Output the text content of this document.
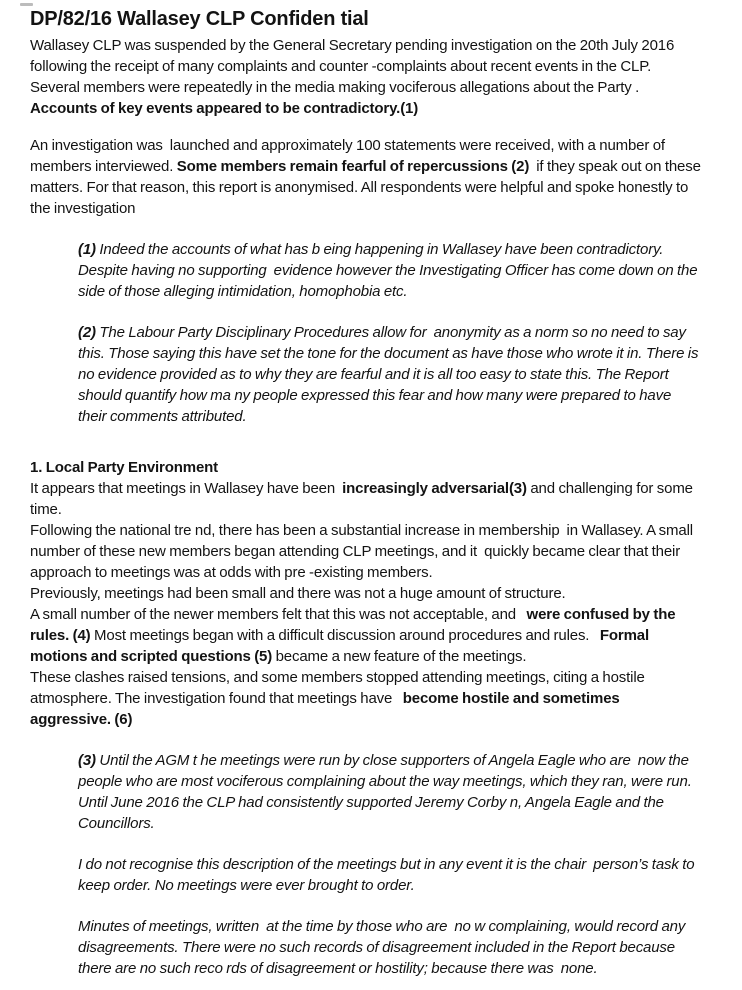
DP/82/16 Wallasey CLP Confiden tial
Wallasey CLP was suspended by the General Secretary pending investigation on the 20th July 2016 following the receipt of many complaints and counter -complaints about recent events in the CLP. Several members were repeatedly in the media making vociferous allegations about the Party .  Accounts of key events appeared to be contradictory.(1)
An investigation was  launched and approximately 100 statements were received, with a number of members interviewed. Some members remain fearful of repercussions (2)  if they speak out on these matters. For that reason, this report is anonymised. All respondents were helpful and spoke honestly to the investigation
(1) Indeed the accounts of what has b eing happening in Wallasey have been contradictory. Despite having no supporting  evidence however the Investigating Officer has come down on the side of those alleging intimidation, homophobia etc.
(2) The Labour Party Disciplinary Procedures allow for  anonymity as a norm so no need to say this. Those saying this have set the tone for the document as have those who wrote it in. There is no evidence provided as to why they are fearful and it is all too easy to state this. The Report should quantify how ma ny people expressed this fear and how many were prepared to have their comments attributed.
1. Local Party Environment
It appears that meetings in Wallasey have been  increasingly adversarial(3) and challenging for some time.
Following the national tre nd, there has been a substantial increase in membership  in Wallasey. A small number of these new members began attending CLP meetings, and it  quickly became clear that their approach to meetings was at odds with pre -existing members.
Previously, meetings had been small and there was not a huge amount of structure.
A small number of the newer members felt that this was not acceptable, and   were confused by the rules. (4) Most meetings began with a difficult discussion around procedures and rules.   Formal motions and scripted questions (5) became a new feature of the meetings.
These clashes raised tensions, and some members stopped attending meetings, citing a hostile atmosphere. The investigation found that meetings have   become hostile and sometimes aggressive. (6)
(3) Until the AGM t he meetings were run by close supporters of Angela Eagle who are  now the people who are most vociferous complaining about the way meetings, which they ran, were run. Until June 2016 the CLP had consistently supported Jeremy Corby n, Angela Eagle and the Councillors.
I do not recognise this description of the meetings but in any event it is the chair  person’s task to keep order. No meetings were ever brought to order.
Minutes of meetings, written  at the time by those who are  no w complaining, would record any disagreements. There were no such records of disagreement included in the Report because there are no such reco rds of disagreement or hostility; because there was  none.
